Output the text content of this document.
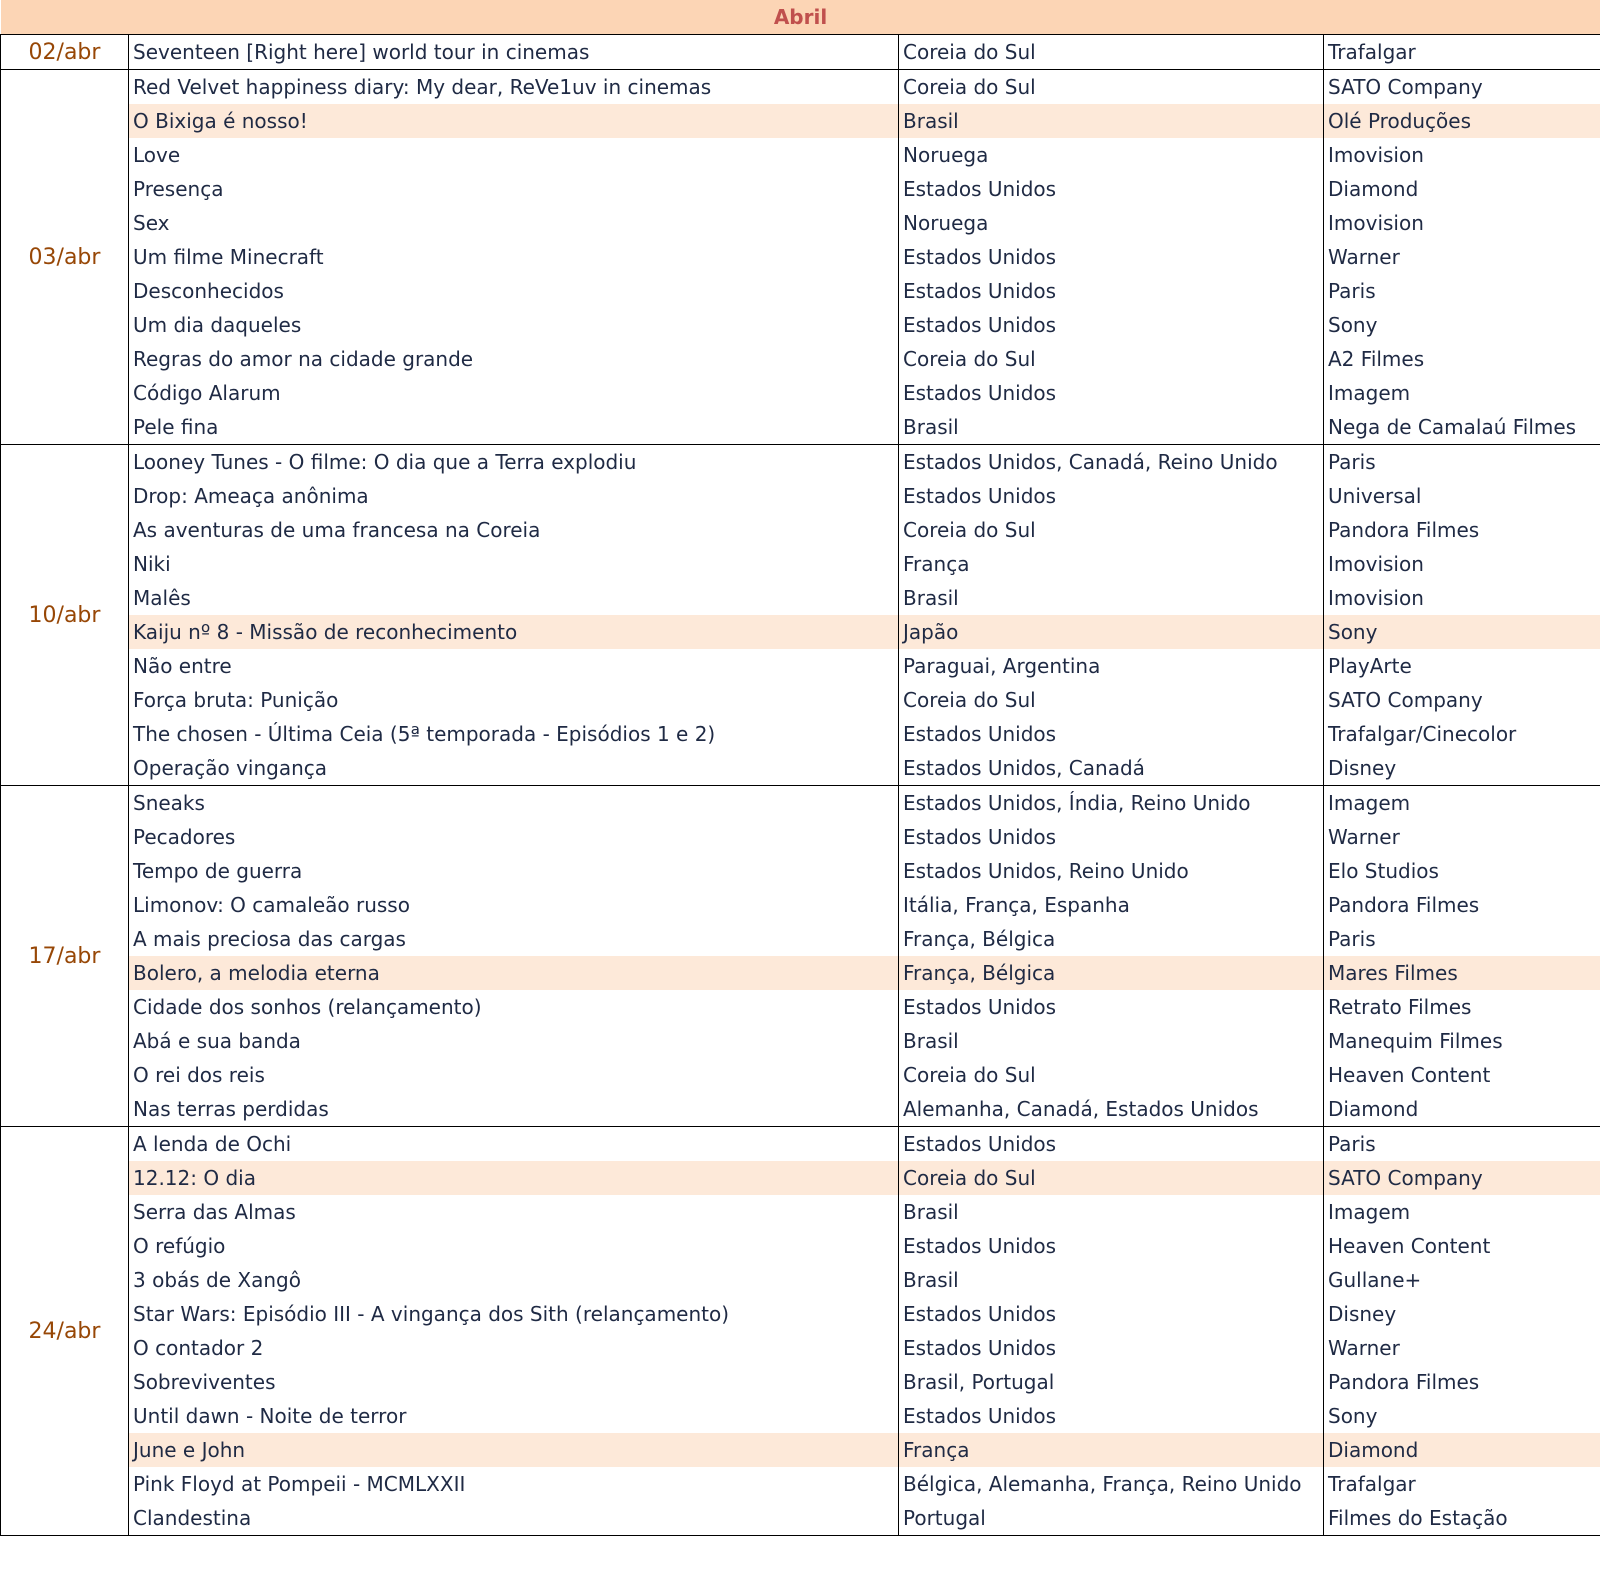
Abril			
02/abr	Seventeen [Right here] world tour in cinemas	Coreia do Sul	Trafalgar
03/abr	Red Velvet happiness diary: My dear, ReVe1uv in cinemas	Coreia do Sul	SATO Company
	O Bixiga é nosso!	Brasil	Olé Produções
	Love	Noruega	Imovision
	Presença	Estados Unidos	Diamond
	Sex	Noruega	Imovision
	Um filme Minecraft	Estados Unidos	Warner
	Desconhecidos	Estados Unidos	Paris
	Um dia daqueles	Estados Unidos	Sony
	Regras do amor na cidade grande	Coreia do Sul	A2 Filmes
	Código Alarum	Estados Unidos	Imagem
	Pele fina	Brasil	Nega de Camalaú Filmes
10/abr	Looney Tunes - O filme: O dia que a Terra explodiu	Estados Unidos, Canadá, Reino Unido	Paris
	Drop: Ameaça anônima	Estados Unidos	Universal
	As aventuras de uma francesa na Coreia	Coreia do Sul	Pandora Filmes
	Niki	França	Imovision
	Malês	Brasil	Imovision
	Kaiju nº 8 - Missão de reconhecimento	Japão	Sony
	Não entre	Paraguai, Argentina	PlayArte
	Força bruta: Punição	Coreia do Sul	SATO Company
	The chosen - Última Ceia (5ª temporada - Episódios 1 e 2)	Estados Unidos	Trafalgar/Cinecolor
	Operação vingança	Estados Unidos, Canadá	Disney
17/abr	Sneaks	Estados Unidos, Índia, Reino Unido	Imagem
	Pecadores	Estados Unidos	Warner
	Tempo de guerra	Estados Unidos, Reino Unido	Elo Studios
	Limonov: O camaleão russo	Itália, França, Espanha	Pandora Filmes
	A mais preciosa das cargas	França, Bélgica	Paris
	Bolero, a melodia eterna	França, Bélgica	Mares Filmes
	Cidade dos sonhos (relançamento)	Estados Unidos	Retrato Filmes
	Abá e sua banda	Brasil	Manequim Filmes
	O rei dos reis	Coreia do Sul	Heaven Content
	Nas terras perdidas	Alemanha, Canadá, Estados Unidos	Diamond
24/abr	A lenda de Ochi	Estados Unidos	Paris
	12.12: O dia	Coreia do Sul	SATO Company
	Serra das Almas	Brasil	Imagem
	O refúgio	Estados Unidos	Heaven Content
	3 obás de Xangô	Brasil	Gullane+
	Star Wars: Episódio III - A vingança dos Sith (relançamento)	Estados Unidos	Disney
	O contador 2	Estados Unidos	Warner
	Sobreviventes	Brasil, Portugal	Pandora Filmes
	Until dawn - Noite de terror	Estados Unidos	Sony
	June e John	França	Diamond
	Pink Floyd at Pompeii - MCMLXXII	Bélgica, Alemanha, França, Reino Unido	Trafalgar
	Clandestina	Portugal	Filmes do Estação
